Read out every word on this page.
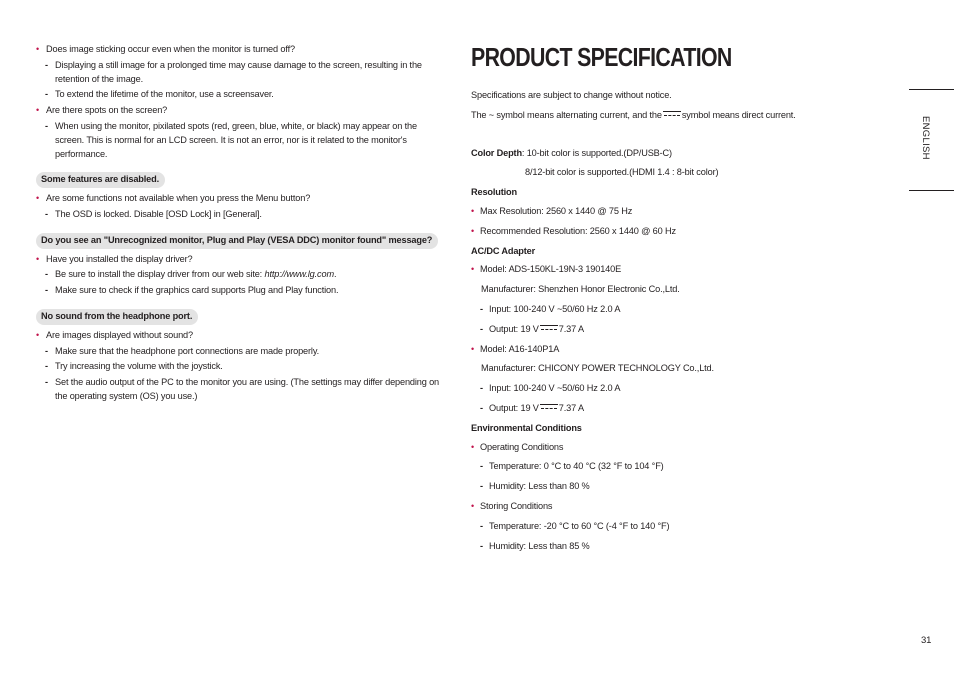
• Does image sticking occur even when the monitor is turned off?
- Displaying a still image for a prolonged time may cause damage to the screen, resulting in the retention of the image.
- To extend the lifetime of the monitor, use a screensaver.
• Are there spots on the screen?
- When using the monitor, pixilated spots (red, green, blue, white, or black) may appear on the screen. This is normal for an LCD screen. It is not an error, nor is it related to the monitor's performance.
Some features are disabled.
• Are some functions not available when you press the Menu button?
- The OSD is locked. Disable [OSD Lock] in [General].
Do you see an "Unrecognized monitor, Plug and Play (VESA DDC) monitor found" message?
• Have you installed the display driver?
- Be sure to install the display driver from our web site: http://www.lg.com.
- Make sure to check if the graphics card supports Plug and Play function.
No sound from the headphone port.
• Are images displayed without sound?
- Make sure that the headphone port connections are made properly.
- Try increasing the volume with the joystick.
- Set the audio output of the PC to the monitor you are using. (The settings may differ depending on the operating system (OS) you use.)
PRODUCT SPECIFICATION
Specifications are subject to change without notice.
The ~ symbol means alternating current, and the symbol means direct current.
Color Depth: 10-bit color is supported.(DP/USB-C)
8/12-bit color is supported.(HDMI 1.4 : 8-bit color)
Resolution
• Max Resolution: 2560 x 1440 @ 75 Hz
• Recommended Resolution: 2560 x 1440 @ 60 Hz
AC/DC Adapter
• Model: ADS-150KL-19N-3 190140E
Manufacturer: Shenzhen Honor Electronic Co.,Ltd.
- Input: 100-240 V ~50/60 Hz 2.0 A
- Output: 19 V 7.37 A
• Model: A16-140P1A
Manufacturer: CHICONY POWER TECHNOLOGY Co.,Ltd.
- Input: 100-240 V ~50/60 Hz 2.0 A
- Output: 19 V 7.37 A
Environmental Conditions
• Operating Conditions
- Temperature: 0 °C to 40 °C (32 °F to 104 °F)
- Humidity: Less than 80 %
• Storing Conditions
- Temperature: -20 °C to 60 °C (-4 °F to 140 °F)
- Humidity: Less than 85 %
ENGLISH
31
